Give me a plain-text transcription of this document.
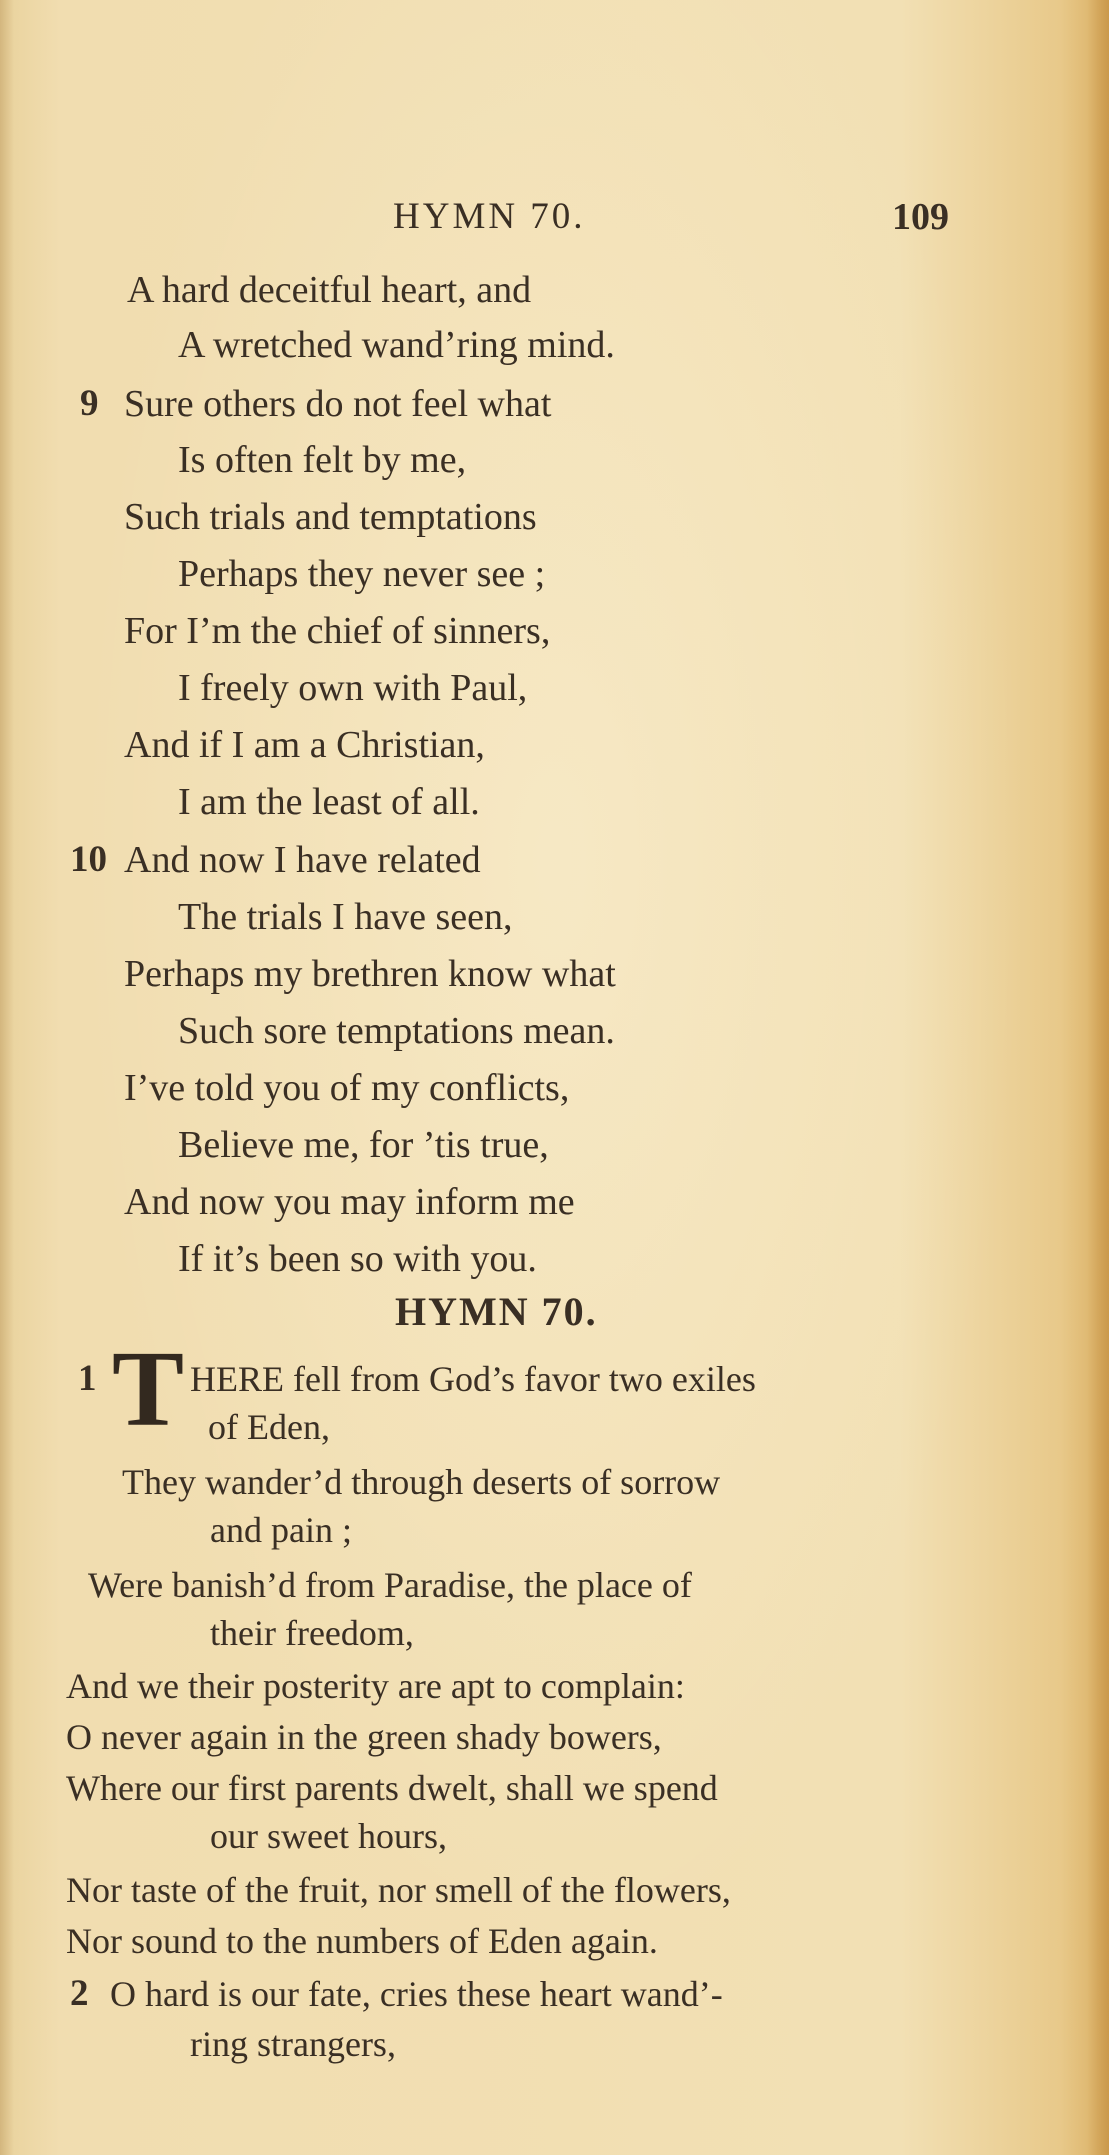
HYMN 70.	109
A hard deceitful heart, and
A wretched wand’ring mind.
9 Sure others do not feel what
Is often felt by me,
Such trials and temptations
Perhaps they never see ;
For I’m the chief of sinners,
I freely own with Paul,
And if I am a Christian,
I am the least of all.
10 And now I have related
The trials I have seen,
Perhaps my brethren know what
Such sore temptations mean.
I’ve told you of my conflicts,
Believe me, for ’tis true,
And now you may inform me
If it’s been so with you.
HYMN 70.
1 T HERE fell from God’s favor two exiles
of Eden,
They wander’d through deserts of sorrow
and pain ;
Were banish’d from Paradise, the place of
their freedom,
And we their posterity are apt to complain:
O never again in the green shady bowers,
Where our first parents dwelt, shall we spend
our sweet hours,
Nor taste of the fruit, nor smell of the flowers,
Nor sound to the numbers of Eden again.
2 O hard is our fate, cries these heart wand’-
ring strangers,
